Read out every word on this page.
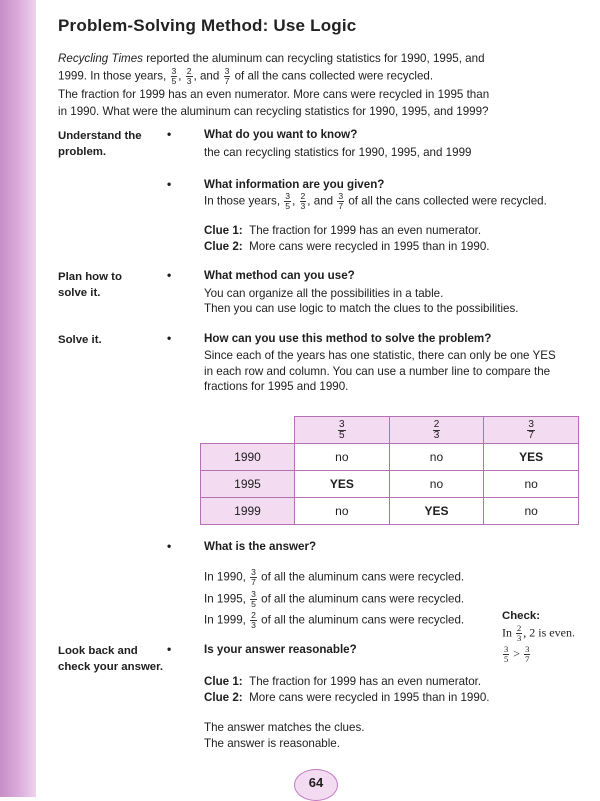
Problem-Solving Method: Use Logic
Recycling Times reported the aluminum can recycling statistics for 1990, 1995, and
1999. In those years, $\frac{3}{5}$ , $\frac{2}{3}$ , and $\frac{3}{7}$ of all the cans collected were recycled.
The fraction for 1999 has an even numerator. More cans were recycled in 1995 than
in 1990. What were the aluminum can recycling statistics for 1990, 1995, and 1999?
Understand the
problem.
•	What do you want to know?
the can recycling statistics for 1990, 1995, and 1999
•	What information are you given?
In those years, $\frac{3}{5}$ , $\frac{2}{3}$ , and $\frac{3}{7}$ of all the cans collected were recycled.
Clue 1: The fraction for 1999 has an even numerator.
Clue 2: More cans were recycled in 1995 than in 1990.
Plan how to
solve it.
•	What method can you use?
You can organize all the possibilities in a table.
Then you can use logic to match the clues to the possibilities.
Solve it.	•	How can you use this method to solve the problem?
Since each of the years has one statistic, there can only be one YES
in each row and column. You can use a number line to compare the
fractions for 1995 and 1990.

	$\frac{3}{5}$	$\frac{2}{3}$	$\frac{3}{7}$

1990	no	no	YES
1995	YES	no	no
1999	no	YES	no
•	What is the answer?
In 1990, $\frac{3}{7}$ of all the aluminum cans were recycled.
In 1995, $\frac{3}{5}$ of all the aluminum cans were recycled.
In 1999, $\frac{2}{3}$ of all the aluminum cans were recycled.	Check:
In $\frac{2}{3}$ , 2 is even.
$\frac{3}{5} > \frac{3}{7}$
Look back and
check your answer.
•	Is your answer reasonable?
Clue 1: The fraction for 1999 has an even numerator.
Clue 2: More cans were recycled in 1995 than in 1990.
The answer matches the clues.
The answer is reasonable.
64
